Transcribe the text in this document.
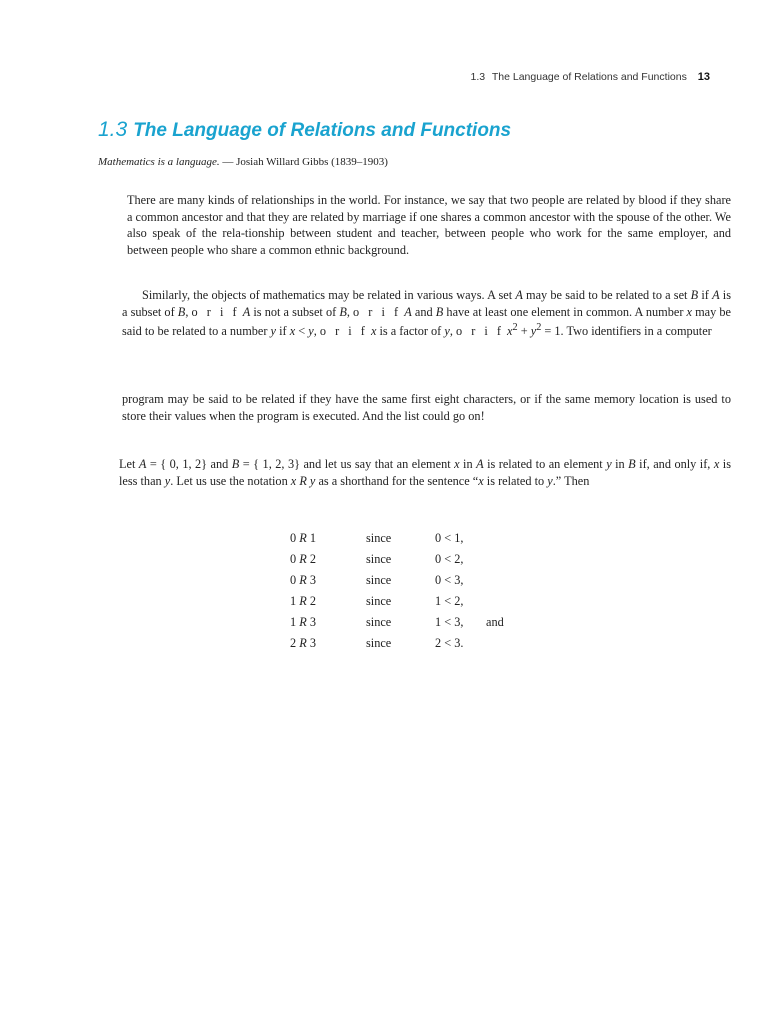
1.3 The Language of Relations and Functions 13
1.3 The Language of Relations and Functions
Mathematics is a language. — Josiah Willard Gibbs (1839–1903)

There are many kinds of relationships in the world. For instance, we say that two people are related by blood if they share a common ancestor and that they are related by marriage if one shares a common ancestor with the spouse of the other. We also speak of the rela-tionship between student and teacher, between people who work for the same employer, and between people who share a common ethnic background.

Similarly, the objects of mathematics may be related in various ways. A set A may be said to be related to a set B if A is a subset of B, o r i f A is not a subset of B, o r i f A and B have at least one element in common. A number x may be said to be related to a number y if x < y, o r i f x is a factor of y, o r i f $x^2 + y^2 = 1$. Two identifiers in a computer

program may be said to be related if they have the same first eight characters, or if the same memory location is used to store their values when the program is executed. And the list could go on!

Let A = { 0, 1, 2} and B = { 1, 2, 3} and let us say that an element x in A is related to an element y in B if, and only if, x is less than y. Let us use the notation x R y as a shorthand for the sentence “x is related to y.” Then

0 R 1	since	0 < 1,	
0 R 2	since	0 < 2,	
0 R 3	since	0 < 3,	
1 R 2	since	1 < 2,	
1 R 3	since	1 < 3,	and
2 R 3	since	2 < 3.	
